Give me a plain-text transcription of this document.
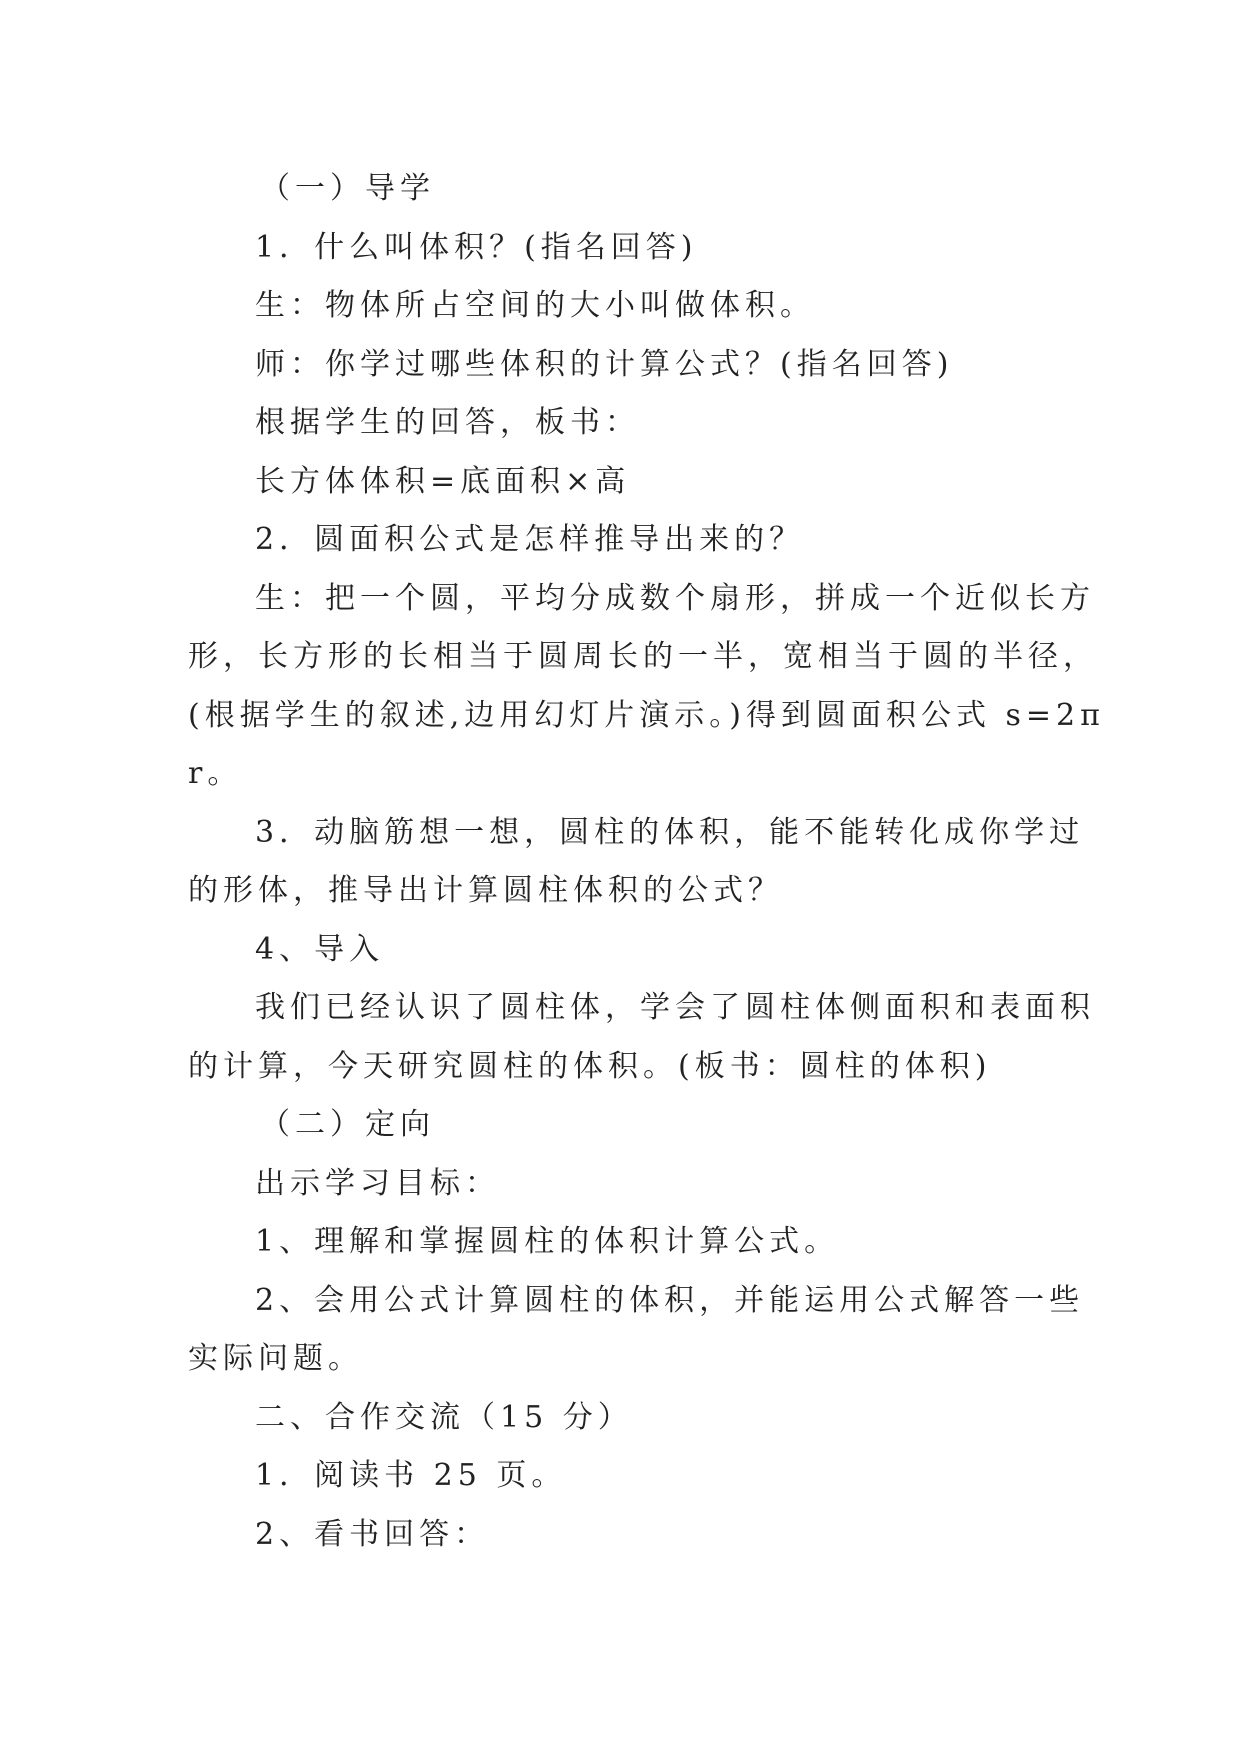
（一）导学
1．什么叫体积？(指名回答)
生：物体所占空间的大小叫做体积。
师：你学过哪些体积的计算公式？(指名回答)
根据学生的回答，板书：
长方体体积=底面积×高
2．圆面积公式是怎样推导出来的？
生：把一个圆，平均分成数个扇形，拼成一个近似长方
形，长方形的长相当于圆周长的一半，宽相当于圆的半径，
(根据学生的叙述,边用幻灯片演示。)得到圆面积公式 s=2π
r。
3．动脑筋想一想，圆柱的体积，能不能转化成你学过
的形体，推导出计算圆柱体积的公式？
4、导入
我们已经认识了圆柱体，学会了圆柱体侧面积和表面积
的计算，今天研究圆柱的体积。(板书：圆柱的体积)
（二）定向
出示学习目标：
1、理解和掌握圆柱的体积计算公式。
2、会用公式计算圆柱的体积，并能运用公式解答一些
实际问题。
二、合作交流（15 分）
1．阅读书 25 页。
2、看书回答：
